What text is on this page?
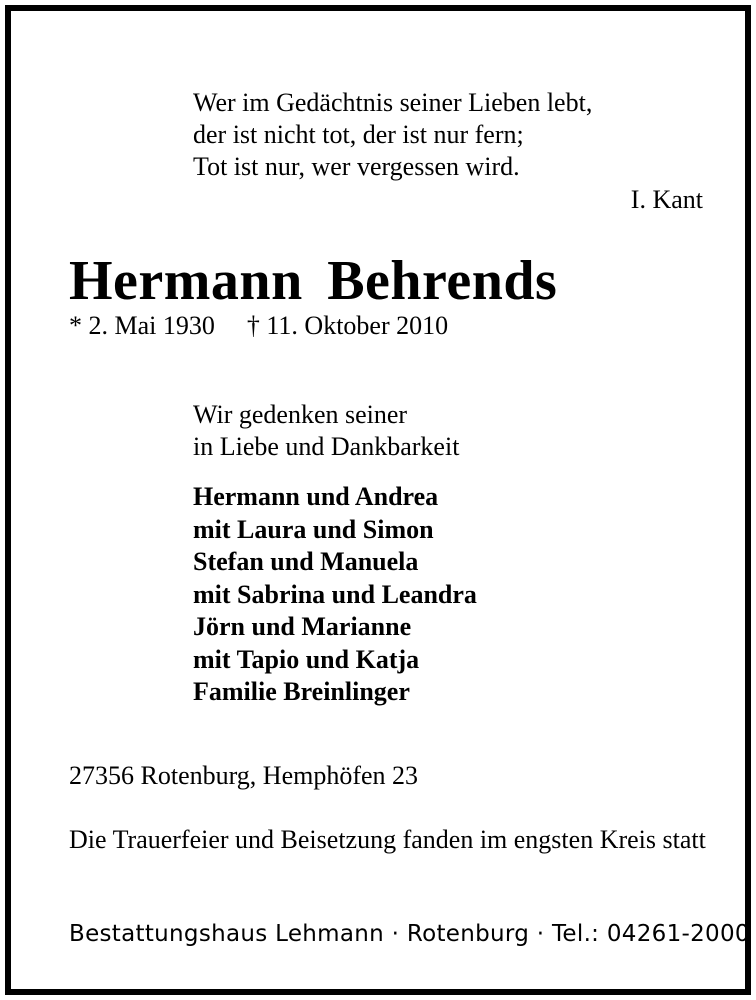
Wer im Gedächtnis seiner Lieben lebt,
der ist nicht tot, der ist nur fern;
Tot ist nur, wer vergessen wird.
I. Kant
Hermann Behrends
* 2. Mai 1930 † 11. Oktober 2010
Wir gedenken seiner
in Liebe und Dankbarkeit
Hermann und Andrea
mit Laura und Simon
Stefan und Manuela
mit Sabrina und Leandra
Jörn und Marianne
mit Tapio und Katja
Familie Breinlinger
27356 Rotenburg, Hemphöfen 23
Die Trauerfeier und Beisetzung fanden im engsten Kreis statt
Bestattungshaus Lehmann · Rotenburg · Tel.: 04261-2000
